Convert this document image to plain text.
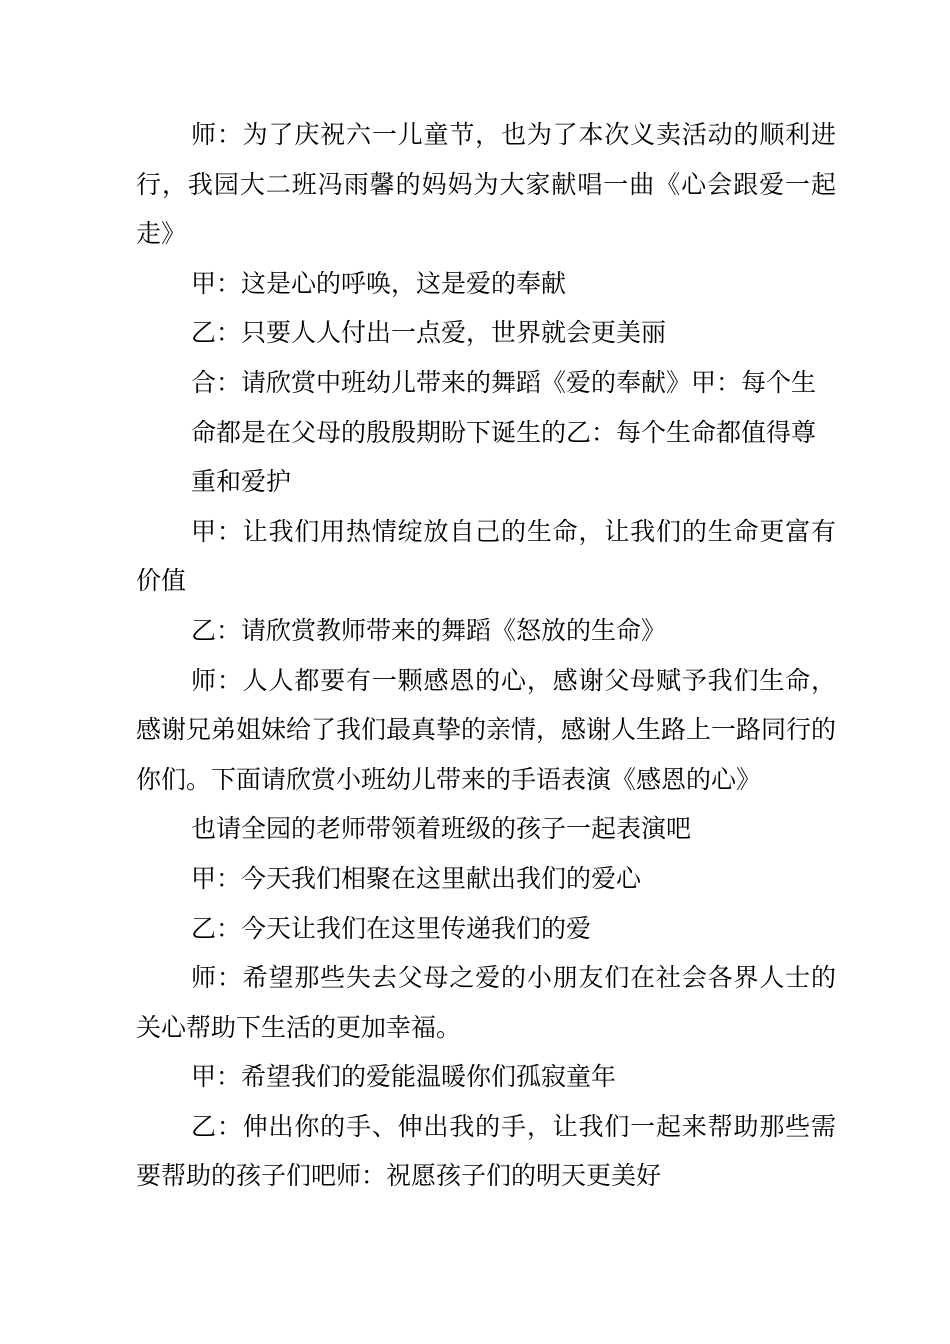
师：为了庆祝六一儿童节，也为了本次义卖活动的顺利进行，我园大二班冯雨馨的妈妈为大家献唱一曲《心会跟爱一起走》

甲：这是心的呼唤，这是爱的奉献

乙：只要人人付出一点爱，世界就会更美丽

合：请欣赏中班幼儿带来的舞蹈《爱的奉献》甲：每个生

命都是在父母的殷殷期盼下诞生的乙：每个生命都值得尊

重和爱护

甲：让我们用热情绽放自己的生命，让我们的生命更富有价值

乙：请欣赏教师带来的舞蹈《怒放的生命》

师：人人都要有一颗感恩的心，感谢父母赋予我们生命，感谢兄弟姐妹给了我们最真挚的亲情，感谢人生路上一路同行的你们。下面请欣赏小班幼儿带来的手语表演《感恩的心》

也请全园的老师带领着班级的孩子一起表演吧

甲：今天我们相聚在这里献出我们的爱心

乙：今天让我们在这里传递我们的爱

师：希望那些失去父母之爱的小朋友们在社会各界人士的关心帮助下生活的更加幸福。

甲：希望我们的爱能温暖你们孤寂童年

乙：伸出你的手、伸出我的手，让我们一起来帮助那些需要帮助的孩子们吧师：祝愿孩子们的明天更美好
